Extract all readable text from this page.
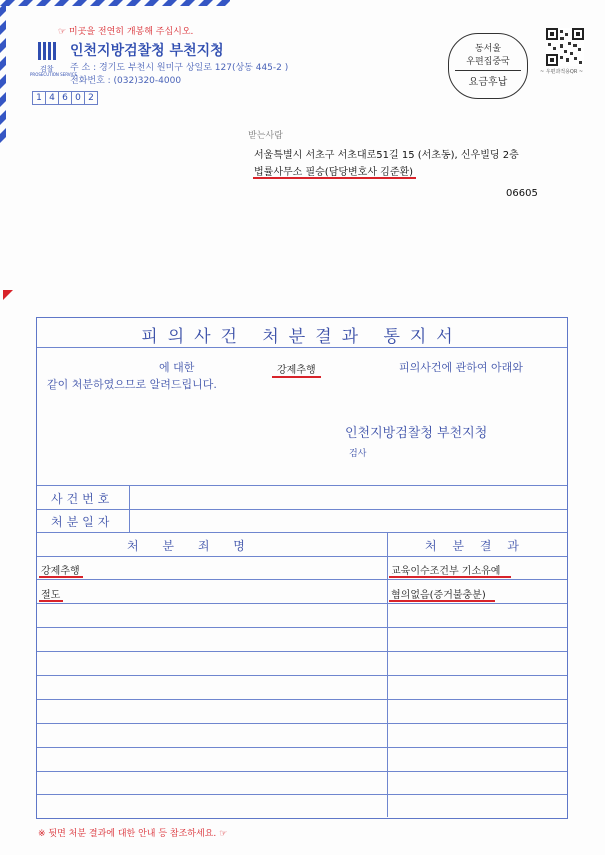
☞ 미곳을 전연히 개봉해 주십시오.
검찰
PROSECUTION SERVICE
인천지방검찰청 부천지청
주 소 : 경기도 부천시 원미구 상일로 127(상동 445-2 )
전화번호 : (032)320-4000
1 4 6 0 2
동서울
우편집중국
요금후납
~ 우편과적용QR ~
받는사람
서울특별시 서초구 서초대로51길 15 (서초동), 신우빌딩 2층
법률사무소 필승(담당변호사 김준환)
06605
피의사건 처분결과 통지서
에 대한	강제추행	피의사건에 관하여 아래와
같이 처분하였으므로 알려드립니다.
인천지방검찰청 부천지청
검사
사건번호
처분일자
처 분 죄 명	처 분 결 과
강제추행	교육이수조건부 기소유예
절도	혐의없음(증거불충분)
※ 뒷면 처분 결과에 대한 안내 등 참조하세요. ☞
